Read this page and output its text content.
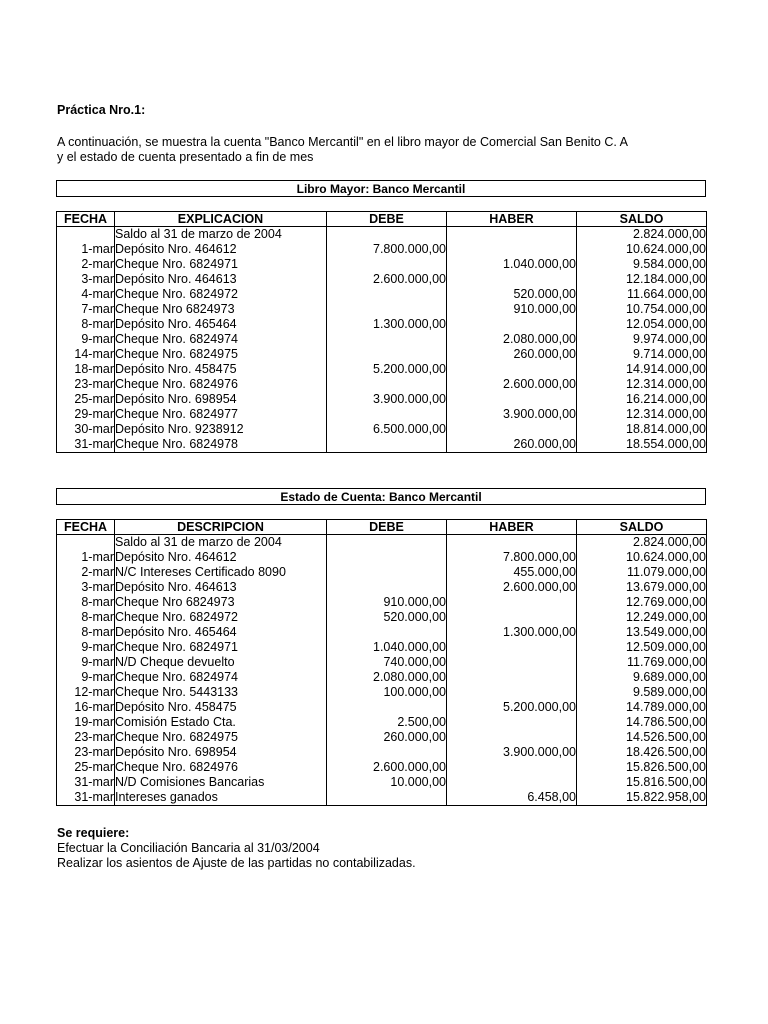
Práctica Nro.1:
A continuación, se muestra la cuenta "Banco Mercantil" en el libro mayor de Comercial San Benito C. A
y el estado de cuenta presentado a fin de mes
Libro Mayor: Banco Mercantil
FECHA	EXPLICACION	DEBE	HABER	SALDO
	Saldo al 31 de marzo de 2004			2.824.000,00
1-mar	Depósito Nro. 464612	7.800.000,00		10.624.000,00
2-mar	Cheque Nro. 6824971		1.040.000,00	9.584.000,00
3-mar	Depósito Nro. 464613	2.600.000,00		12.184.000,00
4-mar	Cheque Nro. 6824972		520.000,00	11.664.000,00
7-mar	Cheque Nro 6824973		910.000,00	10.754.000,00
8-mar	Depósito Nro. 465464	1.300.000,00		12.054.000,00
9-mar	Cheque Nro. 6824974		2.080.000,00	9.974.000,00
14-mar	Cheque Nro. 6824975		260.000,00	9.714.000,00
18-mar	Depósito Nro. 458475	5.200.000,00		14.914.000,00
23-mar	Cheque Nro. 6824976		2.600.000,00	12.314.000,00
25-mar	Depósito Nro. 698954	3.900.000,00		16.214.000,00
29-mar	Cheque Nro. 6824977		3.900.000,00	12.314.000,00
30-mar	Depósito Nro. 9238912	6.500.000,00		18.814.000,00
31-mar	Cheque Nro. 6824978		260.000,00	18.554.000,00
Estado de Cuenta: Banco Mercantil
FECHA	DESCRIPCION	DEBE	HABER	SALDO
	Saldo al 31 de marzo de 2004			2.824.000,00
1-mar	Depósito Nro. 464612		7.800.000,00	10.624.000,00
2-mar	N/C Intereses Certificado 8090		455.000,00	11.079.000,00
3-mar	Depósito Nro. 464613		2.600.000,00	13.679.000,00
8-mar	Cheque Nro 6824973	910.000,00		12.769.000,00
8-mar	Cheque Nro. 6824972	520.000,00		12.249.000,00
8-mar	Depósito Nro. 465464		1.300.000,00	13.549.000,00
9-mar	Cheque Nro. 6824971	1.040.000,00		12.509.000,00
9-mar	N/D Cheque devuelto	740.000,00		11.769.000,00
9-mar	Cheque Nro. 6824974	2.080.000,00		9.689.000,00
12-mar	Cheque Nro. 5443133	100.000,00		9.589.000,00
16-mar	Depósito Nro. 458475		5.200.000,00	14.789.000,00
19-mar	Comisión Estado Cta.	2.500,00		14.786.500,00
23-mar	Cheque Nro. 6824975	260.000,00		14.526.500,00
23-mar	Depósito Nro. 698954		3.900.000,00	18.426.500,00
25-mar	Cheque Nro. 6824976	2.600.000,00		15.826.500,00
31-mar	N/D Comisiones Bancarias	10.000,00		15.816.500,00
31-mar	Intereses ganados		6.458,00	15.822.958,00
Se requiere:
Efectuar la Conciliación Bancaria al 31/03/2004
Realizar los asientos de Ajuste de las partidas no contabilizadas.
